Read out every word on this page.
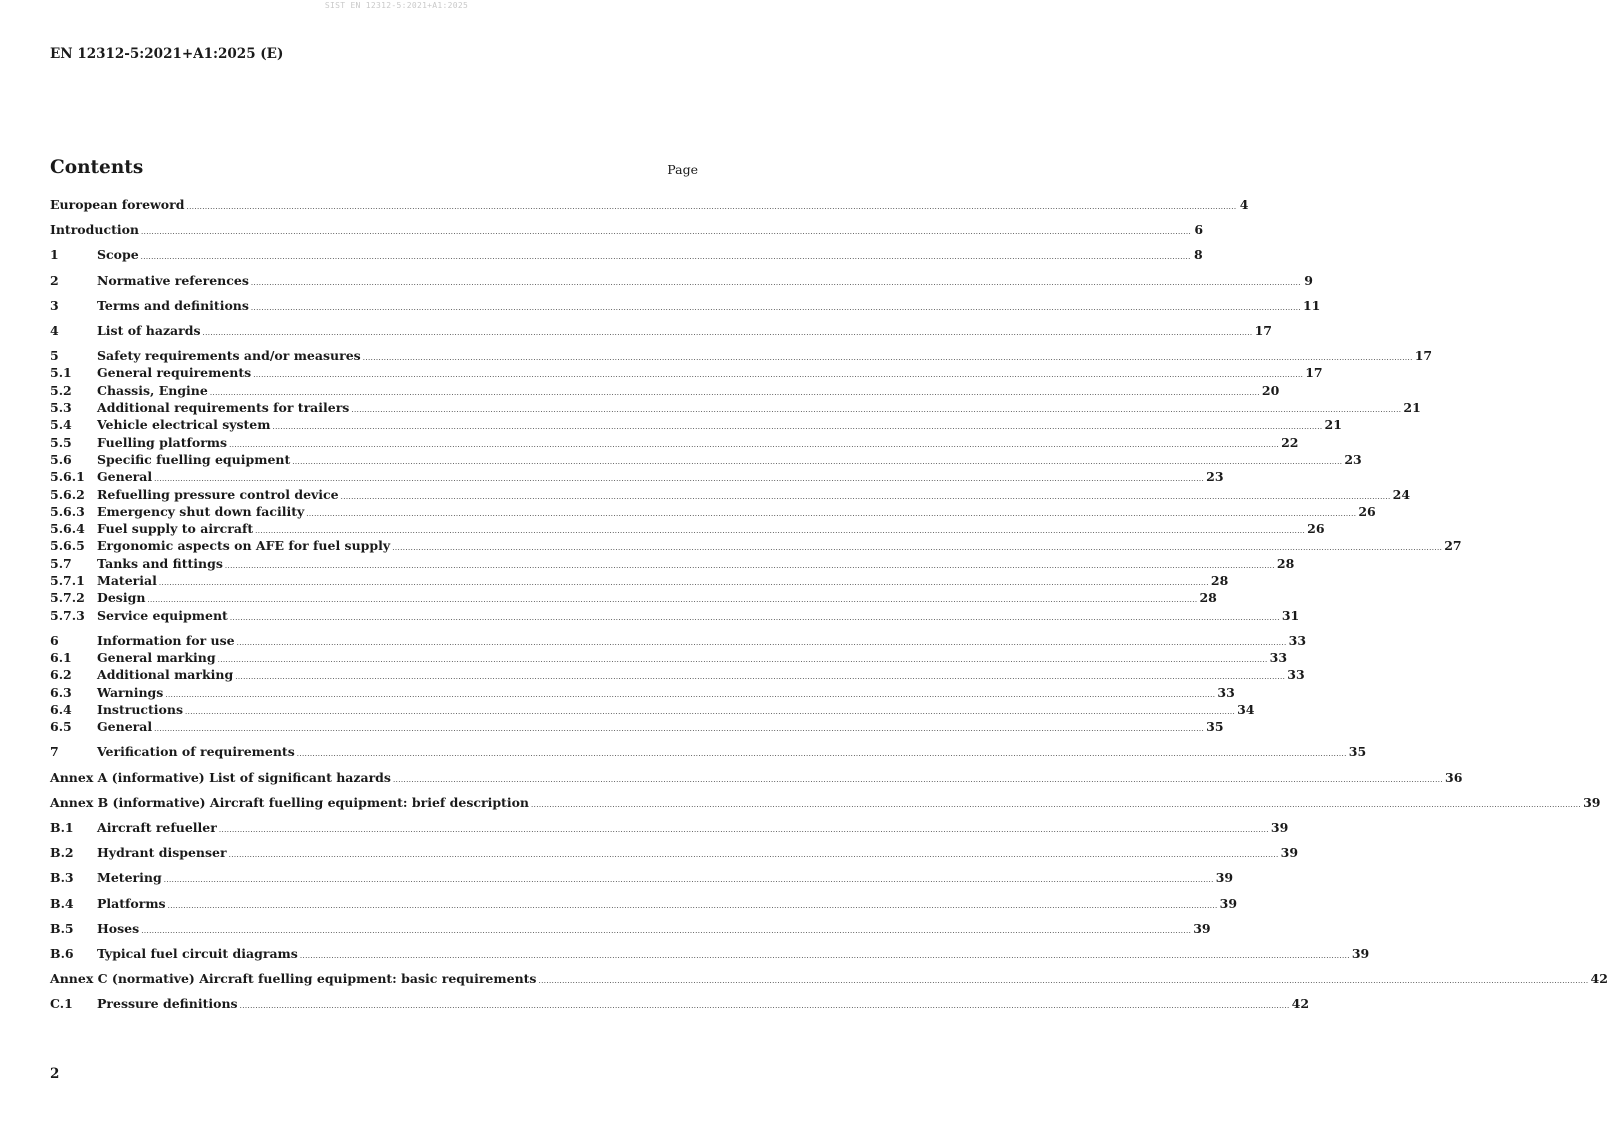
SIST EN 12312-5:2021+A1:2025
EN 12312-5:2021+A1:2025 (E)
Contents	Page
European foreword ................................................................................................................................................................................................................................................................................................................................................................................................................ 4
Introduction ................................................................................................................................................................................................................................................................................................................................................................................................................ 6
1	Scope ................................................................................................................................................................................................................................................................................................................................................................................................................ 8
2	Normative references ................................................................................................................................................................................................................................................................................................................................................................................................................ 9
3	Terms and definitions ................................................................................................................................................................................................................................................................................................................................................................................................................ 11
4	List of hazards ................................................................................................................................................................................................................................................................................................................................................................................................................ 17
5	Safety requirements and/or measures ................................................................................................................................................................................................................................................................................................................................................................................................................ 17
5.1	General requirements ................................................................................................................................................................................................................................................................................................................................................................................................................ 17
5.2	Chassis, Engine ................................................................................................................................................................................................................................................................................................................................................................................................................ 20
5.3	Additional requirements for trailers ................................................................................................................................................................................................................................................................................................................................................................................................................ 21
5.4	Vehicle electrical system ................................................................................................................................................................................................................................................................................................................................................................................................................ 21
5.5	Fuelling platforms ................................................................................................................................................................................................................................................................................................................................................................................................................ 22
5.6	Specific fuelling equipment ................................................................................................................................................................................................................................................................................................................................................................................................................ 23
5.6.1 General ................................................................................................................................................................................................................................................................................................................................................................................................................ 23
5.6.2 Refuelling pressure control device ................................................................................................................................................................................................................................................................................................................................................................................................................ 24
5.6.3 Emergency shut down facility ................................................................................................................................................................................................................................................................................................................................................................................................................ 26
5.6.4 Fuel supply to aircraft ................................................................................................................................................................................................................................................................................................................................................................................................................ 26
5.6.5 Ergonomic aspects on AFE for fuel supply ................................................................................................................................................................................................................................................................................................................................................................................................................ 27
5.7	Tanks and fittings ................................................................................................................................................................................................................................................................................................................................................................................................................ 28
5.7.1 Material ................................................................................................................................................................................................................................................................................................................................................................................................................ 28
5.7.2 Design ................................................................................................................................................................................................................................................................................................................................................................................................................ 28
5.7.3 Service equipment ................................................................................................................................................................................................................................................................................................................................................................................................................ 31
6	Information for use ................................................................................................................................................................................................................................................................................................................................................................................................................ 33
6.1	General marking ................................................................................................................................................................................................................................................................................................................................................................................................................ 33
6.2	Additional marking ................................................................................................................................................................................................................................................................................................................................................................................................................ 33
6.3	Warnings ................................................................................................................................................................................................................................................................................................................................................................................................................ 33
6.4	Instructions ................................................................................................................................................................................................................................................................................................................................................................................................................ 34
6.5	General ................................................................................................................................................................................................................................................................................................................................................................................................................ 35
7	Verification of requirements ................................................................................................................................................................................................................................................................................................................................................................................................................ 35
Annex A (informative) List of significant hazards ................................................................................................................................................................................................................................................................................................................................................................................................................ 36
Annex B (informative) Aircraft fuelling equipment: brief description ................................................................................................................................................................................................................................................................................................................................................................................................................ 39
B.1	Aircraft refueller ................................................................................................................................................................................................................................................................................................................................................................................................................ 39
B.2	Hydrant dispenser ................................................................................................................................................................................................................................................................................................................................................................................................................ 39
B.3	Metering ................................................................................................................................................................................................................................................................................................................................................................................................................ 39
B.4	Platforms ................................................................................................................................................................................................................................................................................................................................................................................................................ 39
B.5	Hoses ................................................................................................................................................................................................................................................................................................................................................................................................................ 39
B.6	Typical fuel circuit diagrams ................................................................................................................................................................................................................................................................................................................................................................................................................ 39
Annex C (normative) Aircraft fuelling equipment: basic requirements ................................................................................................................................................................................................................................................................................................................................................................................................................ 42
C.1	Pressure definitions ................................................................................................................................................................................................................................................................................................................................................................................................................ 42
2
